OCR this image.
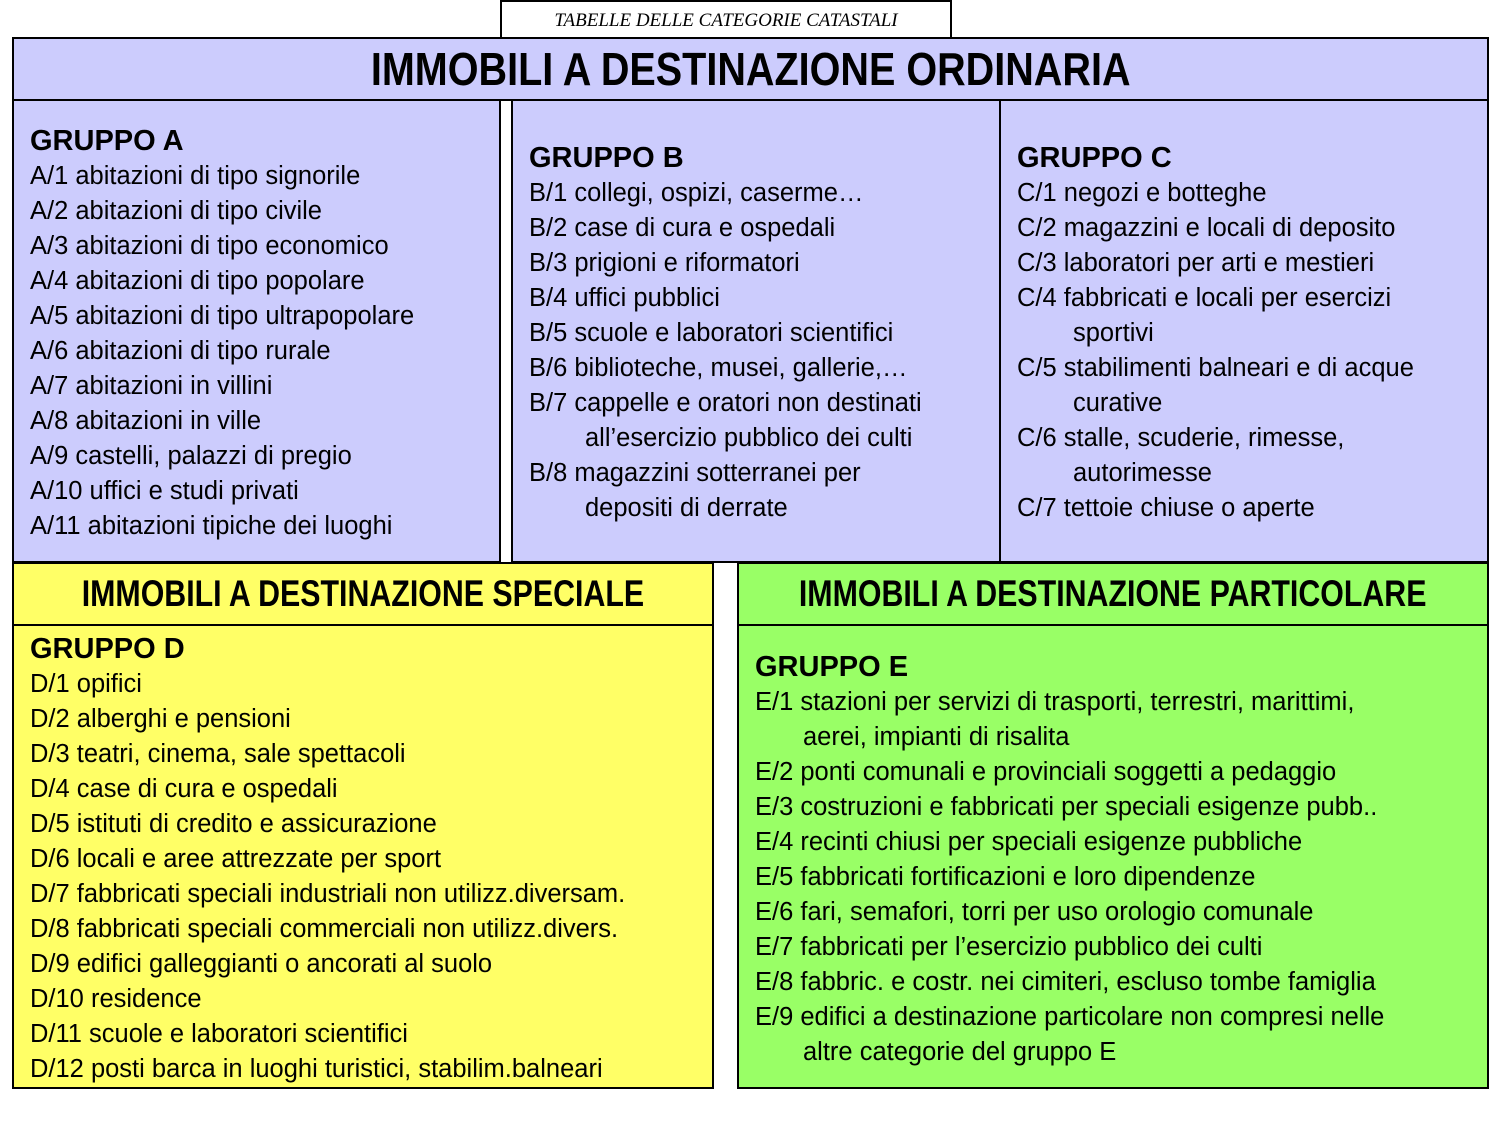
TABELLE DELLE CATEGORIE CATASTALI
IMMOBILI A DESTINAZIONE ORDINARIA
GRUPPO A
A/1 abitazioni di tipo signorile
A/2 abitazioni di tipo civile
A/3 abitazioni di tipo economico
A/4 abitazioni di tipo popolare
A/5 abitazioni di tipo ultrapopolare
A/6 abitazioni di tipo rurale
A/7 abitazioni in villini
A/8 abitazioni in ville
A/9 castelli, palazzi di pregio
A/10 uffici e studi privati
A/11 abitazioni tipiche dei luoghi
GRUPPO B
B/1 collegi, ospizi, caserme…
B/2 case di cura e ospedali
B/3 prigioni e riformatori
B/4 uffici pubblici
B/5 scuole e laboratori scientifici
B/6 biblioteche, musei, gallerie,…
B/7 cappelle e oratori non destinati
all’esercizio pubblico dei culti
B/8 magazzini sotterranei per
depositi di derrate
GRUPPO C
C/1 negozi e botteghe
C/2 magazzini e locali di deposito
C/3 laboratori per arti e mestieri
C/4 fabbricati e locali per esercizi
sportivi
C/5 stabilimenti balneari e di acque
curative
C/6 stalle, scuderie, rimesse,
autorimesse
C/7 tettoie chiuse o aperte
IMMOBILI A DESTINAZIONE SPECIALE
GRUPPO D
D/1 opifici
D/2 alberghi e pensioni
D/3 teatri, cinema, sale spettacoli
D/4 case di cura e ospedali
D/5 istituti di credito e assicurazione
D/6 locali e aree attrezzate per sport
D/7 fabbricati speciali industriali non utilizz.diversam.
D/8 fabbricati speciali commerciali non utilizz.divers.
D/9 edifici galleggianti o ancorati al suolo
D/10 residence
D/11 scuole e laboratori scientifici
D/12 posti barca in luoghi turistici, stabilim.balneari
IMMOBILI A DESTINAZIONE PARTICOLARE
GRUPPO E
E/1 stazioni per servizi di trasporti, terrestri, marittimi,
aerei, impianti di risalita
E/2 ponti comunali e provinciali soggetti a pedaggio
E/3 costruzioni e fabbricati per speciali esigenze pubb..
E/4 recinti chiusi per speciali esigenze pubbliche
E/5 fabbricati fortificazioni e loro dipendenze
E/6 fari, semafori, torri per uso orologio comunale
E/7 fabbricati per l’esercizio pubblico dei culti
E/8 fabbric. e costr. nei cimiteri, escluso tombe famiglia
E/9 edifici a destinazione particolare non compresi nelle
altre categorie del gruppo E
